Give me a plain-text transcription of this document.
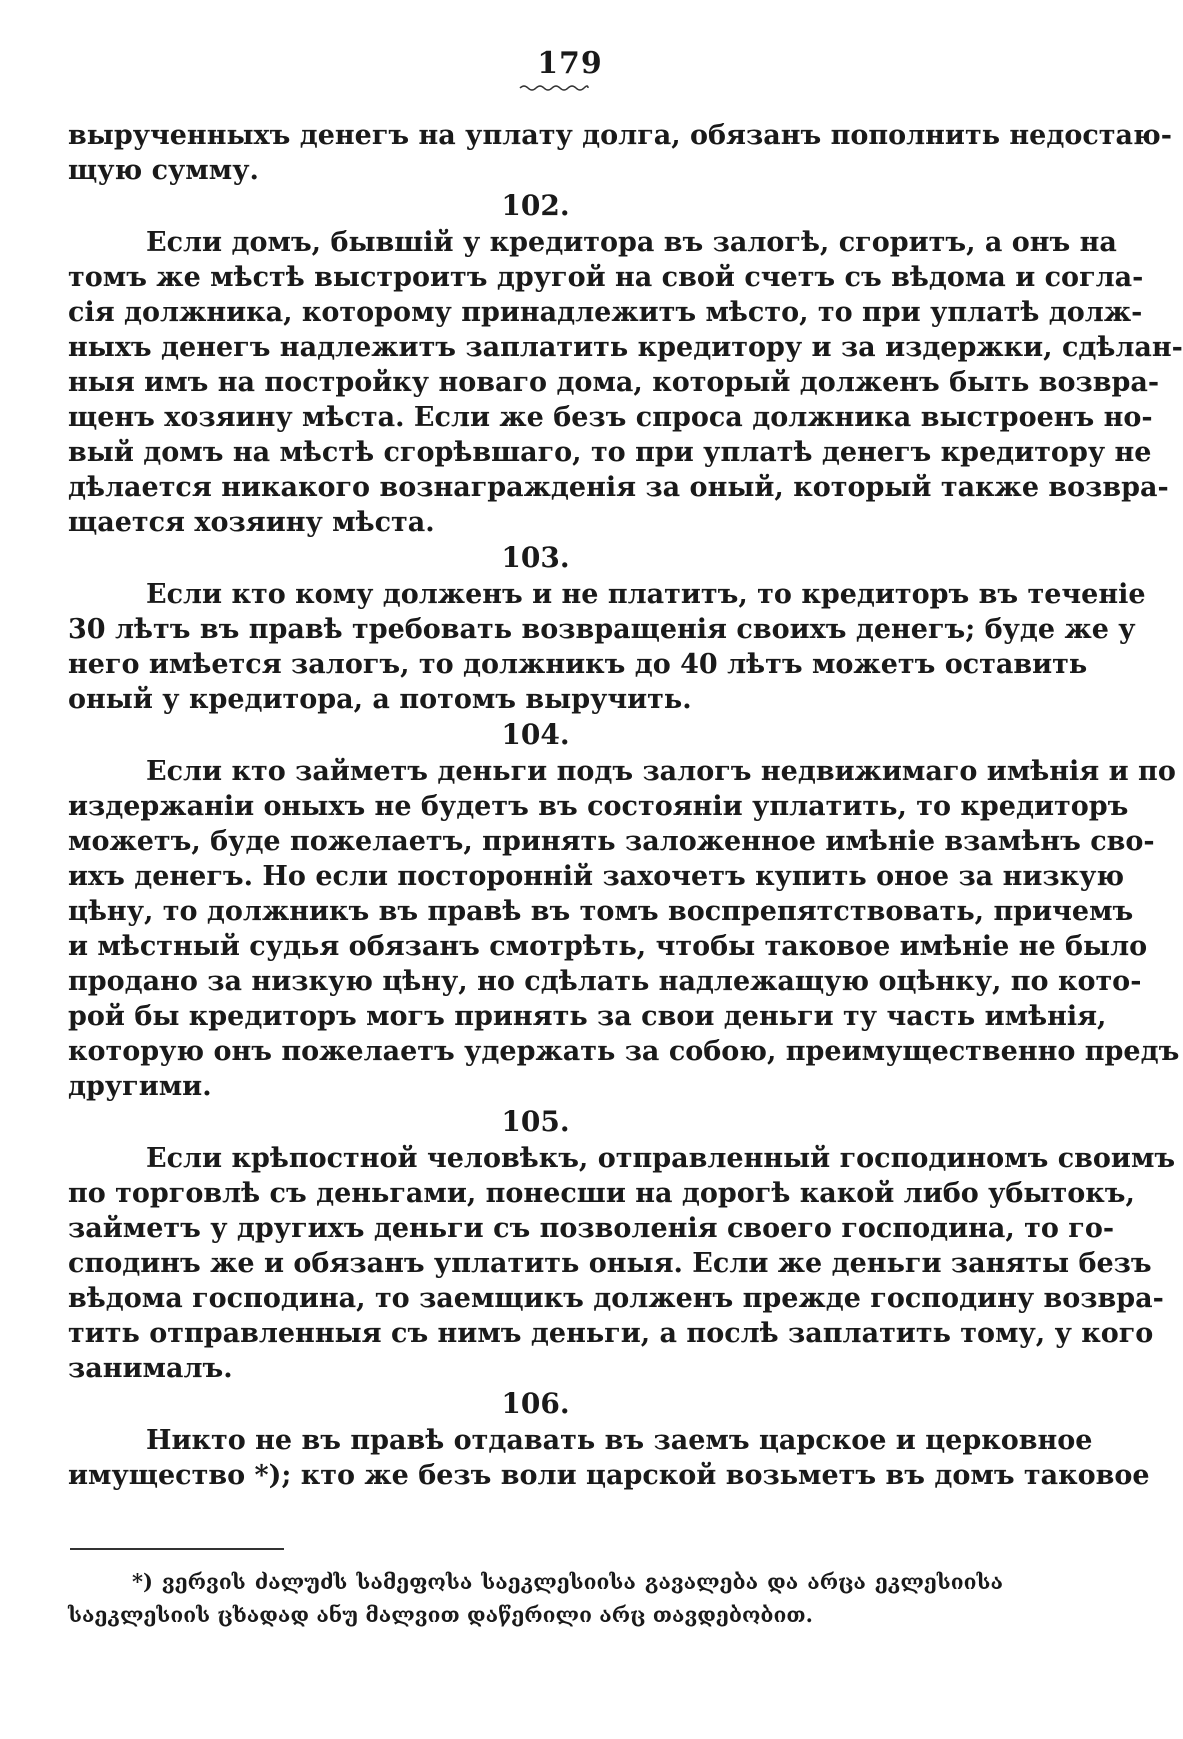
179
вырученныхъ денегъ на уплату долга, обязанъ пополнить недостаю-
щую сумму.
102.
Если домъ, бывшій у кредитора въ залогѣ, сгоритъ, а онъ на
томъ же мѣстѣ выстроитъ другой на свой счетъ съ вѣдома и согла-
сія должника, которому принадлежитъ мѣсто, то при уплатѣ долж-
ныхъ денегъ надлежитъ заплатить кредитору и за издержки, сдѣлан-
ныя имъ на постройку новаго дома, который долженъ быть возвра-
щенъ хозяину мѣста. Если же безъ спроса должника выстроенъ но-
вый домъ на мѣстѣ сгорѣвшаго, то при уплатѣ денегъ кредитору не
дѣлается никакого вознагражденія за оный, который также возвра-
щается хозяину мѣста.
103.
Если кто кому долженъ и не платитъ, то кредиторъ въ теченіе
30 лѣтъ въ правѣ требовать возвращенія своихъ денегъ; буде же у
него имѣется залогъ, то должникъ до 40 лѣтъ можетъ оставить
оный у кредитора, а потомъ выручить.
104.
Если кто займетъ деньги подъ залогъ недвижимаго имѣнія и по
издержаніи оныхъ не будетъ въ состояніи уплатить, то кредиторъ
можетъ, буде пожелаетъ, принять заложенное имѣніе взамѣнъ сво-
ихъ денегъ. Но если посторонній захочетъ купить оное за низкую
цѣну, то должникъ въ правѣ въ томъ воспрепятствовать, причемъ
и мѣстный судья обязанъ смотрѣть, чтобы таковое имѣніе не было
продано за низкую цѣну, но сдѣлать надлежащую оцѣнку, по кото-
рой бы кредиторъ могъ принять за свои деньги ту часть имѣнія,
которую онъ пожелаетъ удержать за собою, преимущественно предъ
другими.
105.
Если крѣпостной человѣкъ, отправленный господиномъ своимъ
по торговлѣ съ деньгами, понесши на дорогѣ какой либо убытокъ,
займетъ у другихъ деньги съ позволенія своего господина, то го-
сподинъ же и обязанъ уплатить оныя. Если же деньги заняты безъ
вѣдома господина, то заемщикъ долженъ прежде господину возвра-
тить отправленныя съ нимъ деньги, а послѣ заплатить тому, у кого
занималъ.
106.
Никто не въ правѣ отдавать въ заемъ царское и церковное
имущество *); кто же безъ воли царской возьметъ въ домъ таковое
*) ვერვის ძალუძს სამეფოსა საეკლესიისა გავალება და არცა ეკლესიისა
საეკლესიის ცხადად ანუ მალვით დაწერილი არც თავდებობით.
